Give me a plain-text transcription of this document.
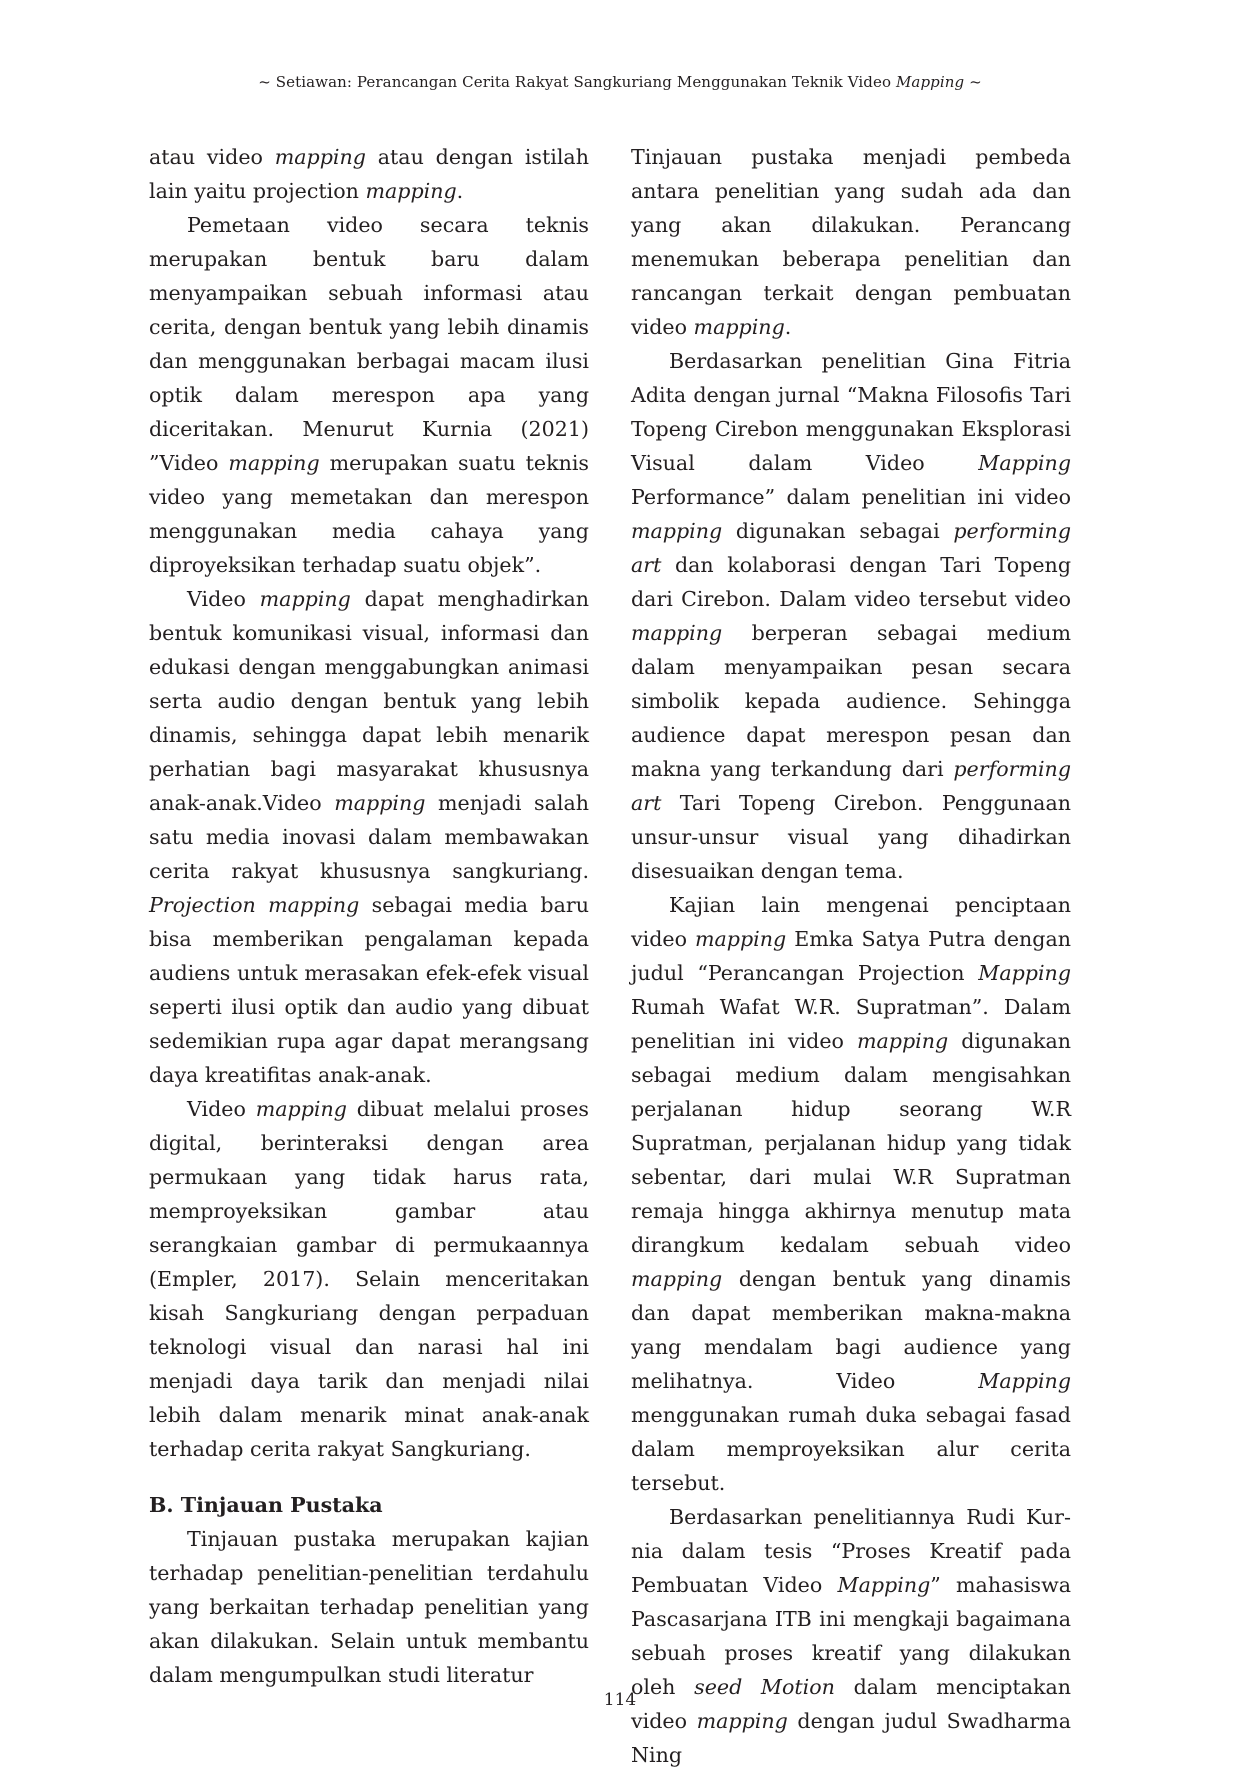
~ Setiawan: Perancangan Cerita Rakyat Sangkuriang Menggunakan Teknik Video Mapping ~

atau video mapping atau dengan istilah lain yaitu projection mapping.

Pemetaan video secara teknis merupakan bentuk baru dalam menyampaikan sebuah informasi atau cerita, dengan bentuk yang lebih dinamis dan menggunakan berbagai macam ilusi optik dalam merespon apa yang diceritakan. Menurut Kurnia (2021) ”Video mapping merupakan suatu teknis video yang memetakan dan merespon menggunakan media cahaya yang diproyeksikan terhadap suatu objek”.

Video mapping dapat menghadirkan bentuk komunikasi visual, informasi dan edukasi dengan menggabungkan animasi serta audio dengan bentuk yang lebih dinamis, sehingga dapat lebih menarik perhatian bagi masyarakat khususnya anak-anak.Video mapping menjadi salah satu media inovasi dalam membawakan cerita rakyat khususnya sangkuriang. Projection mapping sebagai media baru bisa memberikan pengalaman kepada audiens untuk merasakan efek-efek visual seperti ilusi optik dan audio yang dibuat sedemikian rupa agar dapat merangsang daya kreatifitas anak-anak.

Video mapping dibuat melalui proses digital, berinteraksi dengan area permukaan yang tidak harus rata, memproyeksikan gambar atau serangkaian gambar di permukaannya (Empler, 2017). Selain menceritakan kisah Sangkuriang dengan perpaduan teknologi visual dan narasi hal ini menjadi daya tarik dan menjadi nilai lebih dalam menarik minat anak-anak terhadap cerita rakyat Sangkuriang.

B. Tinjauan Pustaka

Tinjauan pustaka merupakan kajian terhadap penelitian-penelitian terdahulu yang berkaitan terhadap penelitian yang akan dilakukan. Selain untuk membantu dalam mengumpulkan studi literatur

Tinjauan pustaka menjadi pembeda antara penelitian yang sudah ada dan yang akan dilakukan. Perancang menemukan beberapa penelitian dan rancangan terkait dengan pembuatan video mapping.

Berdasarkan penelitian Gina Fitria Adita dengan jurnal “Makna Filosofis Tari Topeng Cirebon menggunakan Eksplorasi Visual dalam Video Mapping Performance” dalam penelitian ini video mapping digunakan sebagai performing art dan kolaborasi dengan Tari Topeng dari Cirebon. Dalam video tersebut video mapping berperan sebagai medium dalam menyampaikan pesan secara simbolik kepada audience. Sehingga audience dapat merespon pesan dan makna yang terkandung dari performing art Tari Topeng Cirebon. Penggunaan unsur-unsur visual yang dihadirkan disesuaikan dengan tema.

Kajian lain mengenai penciptaan video mapping Emka Satya Putra dengan judul “Perancangan Projection Mapping Rumah Wafat W.R. Supratman”. Dalam penelitian ini video mapping digunakan sebagai medium dalam mengisahkan perjalanan hidup seorang W.R Supratman, perjalanan hidup yang tidak sebentar, dari mulai W.R Supratman remaja hingga akhirnya menutup mata dirangkum kedalam sebuah video mapping dengan bentuk yang dinamis dan dapat memberikan makna-makna yang mendalam bagi audience yang melihatnya. Video Mapping menggunakan rumah duka sebagai fasad dalam memproyeksikan alur cerita tersebut.

Berdasarkan penelitiannya Rudi Kurnia dalam tesis “Proses Kreatif pada Pembuatan Video Mapping” mahasiswa Pascasarjana ITB ini mengkaji bagaimana sebuah proses kreatif yang dilakukan oleh seed Motion dalam menciptakan video mapping dengan judul Swadharma Ning

114
